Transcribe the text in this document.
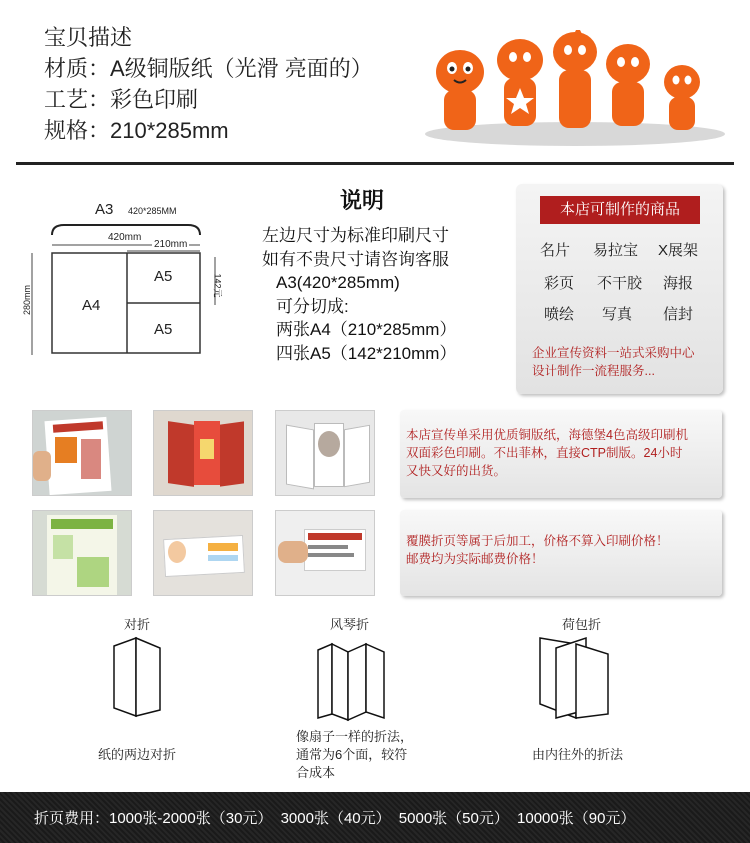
宝贝描述
材质：A级铜版纸（光滑 亮面的）
工艺：彩色印刷
规格：210*285mm
A3 420*285MM
420mm
210mm
280mm	142元
A4
A5
A5
说明
左边尺寸为标准印刷尺寸
如有不贵尺寸请咨询客服
A3(420*285mm)
可分切成:
两张A4（210*285mm）
四张A5（142*210mm）
本店可制作的商品
名片 易拉宝 X展架
彩页 不干胶 海报
喷绘 写真 信封
企业宣传资料一站式采购中心
设计制作一流程服务...
本店宣传单采用优质铜版纸，海德堡4色高级印刷机
双面彩色印刷。不出菲林，直接CTP制版。24小时
又快又好的出货。
覆膜折页等属于后加工，价格不算入印刷价格！
邮费均为实际邮费价格！
对折
纸的两边对折
风琴折
像扇子一样的折法，
通常为6个面，较符
合成本
荷包折
由内往外的折法
折页费用：1000张-2000张（30元） 3000张（40元） 5000张（50元） 10000张（90元）
